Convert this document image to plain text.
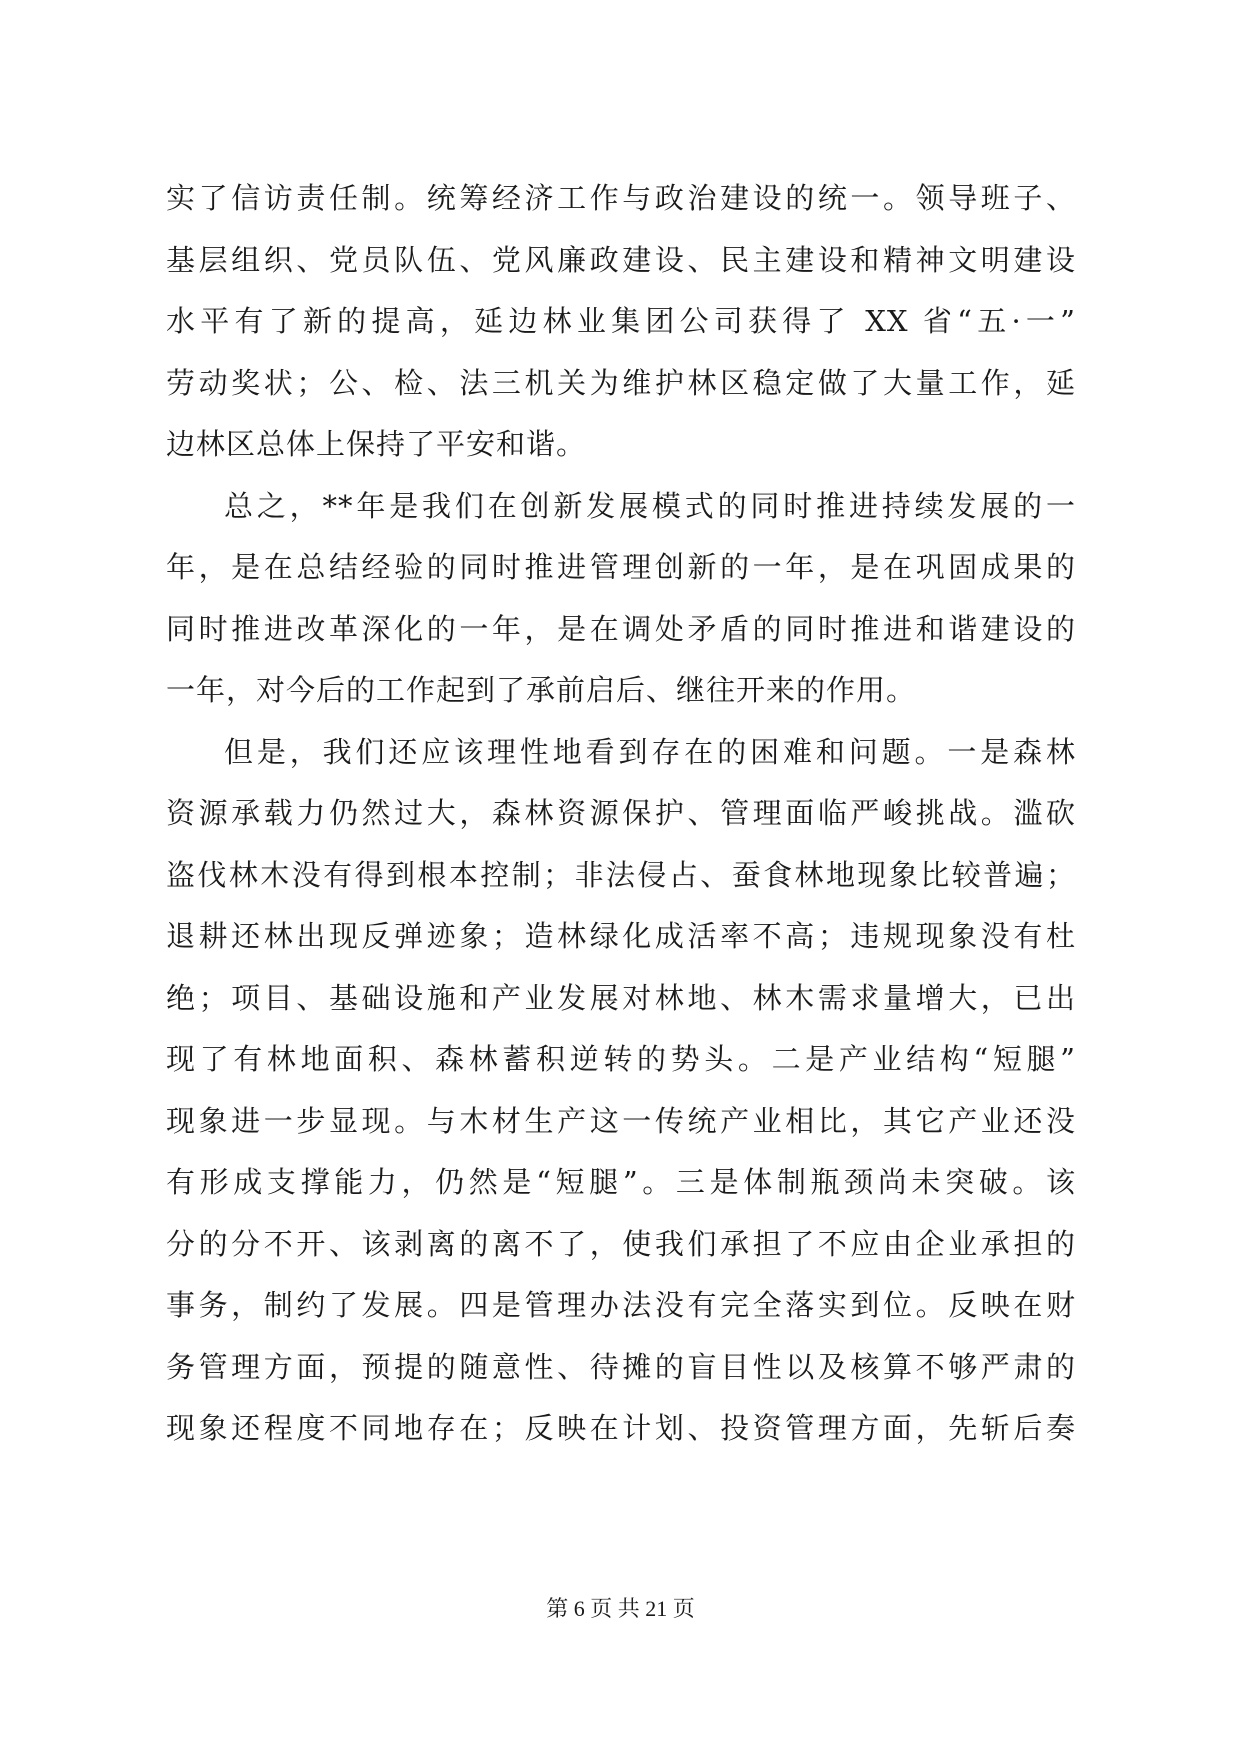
实了信访责任制。统筹经济工作与政治建设的统一。领导班子、
基层组织、党员队伍、党风廉政建设、民主建设和精神文明建设
水平有了新的提高，延边林业集团公司获得了 XX 省“五·一”
劳动奖状；公、检、法三机关为维护林区稳定做了大量工作，延
边林区总体上保持了平安和谐。
总之，**年是我们在创新发展模式的同时推进持续发展的一
年，是在总结经验的同时推进管理创新的一年，是在巩固成果的
同时推进改革深化的一年，是在调处矛盾的同时推进和谐建设的
一年，对今后的工作起到了承前启后、继往开来的作用。
但是，我们还应该理性地看到存在的困难和问题。一是森林
资源承载力仍然过大，森林资源保护、管理面临严峻挑战。滥砍
盗伐林木没有得到根本控制；非法侵占、蚕食林地现象比较普遍；
退耕还林出现反弹迹象；造林绿化成活率不高；违规现象没有杜
绝；项目、基础设施和产业发展对林地、林木需求量增大，已出
现了有林地面积、森林蓄积逆转的势头。二是产业结构“短腿”
现象进一步显现。与木材生产这一传统产业相比，其它产业还没
有形成支撑能力，仍然是“短腿”。三是体制瓶颈尚未突破。该
分的分不开、该剥离的离不了，使我们承担了不应由企业承担的
事务，制约了发展。四是管理办法没有完全落实到位。反映在财
务管理方面，预提的随意性、待摊的盲目性以及核算不够严肃的
现象还程度不同地存在；反映在计划、投资管理方面，先斩后奏
第 6 页 共 21 页
